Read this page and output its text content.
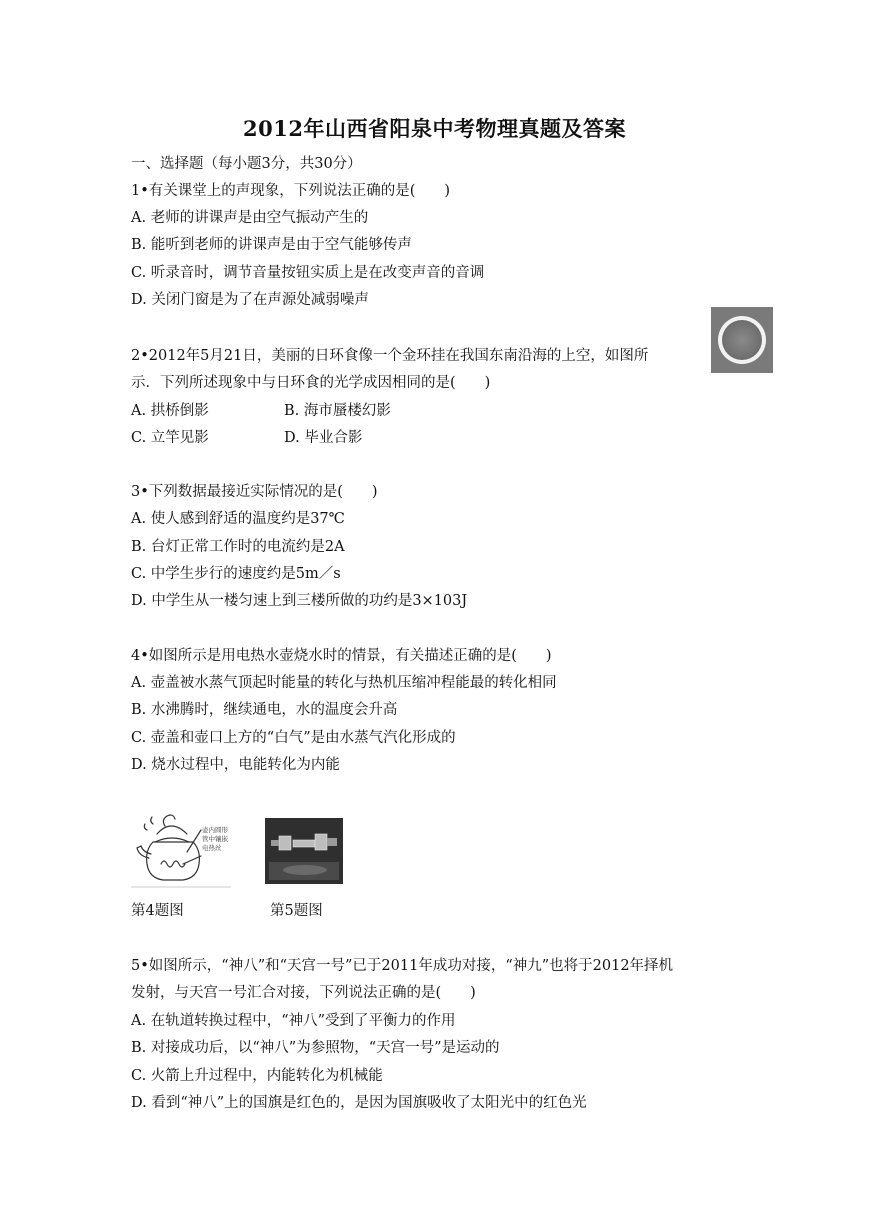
2012年山西省阳泉中考物理真题及答案
一、选择题（每小题3分，共30分）
1•有关课堂上的声现象，下列说法正确的是(　　)
A. 老师的讲课声是由空气振动产生的
B. 能听到老师的讲课声是由于空气能够传声
C. 听录音时，调节音量按钮实质上是在改变声音的音调
D. 关闭门窗是为了在声源处减弱噪声
2•2012年5月21日，美丽的日环食像一个金环挂在我国东南沿海的上空，如图所
示．下列所述现象中与日环食的光学成因相同的是(　　)
A. 拱桥倒影	B. 海市蜃楼幻影
C. 立竿见影	D. 毕业合影
3•下列数据最接近实际情况的是(　　)
A. 使人感到舒适的温度约是37℃
B. 台灯正常工作时的电流约是2A
C. 中学生步行的速度约是5m／s
D. 中学生从一楼匀速上到三楼所做的功约是3×103J
4•如图所示是用电热水壶烧水时的情景，有关描述正确的是(　　)
A. 壶盖被水蒸气顶起时能量的转化与热机压缩冲程能最的转化相同
B. 水沸腾时，继续通电，水的温度会升高
C. 壶盖和壶口上方的“白气”是由水蒸气汽化形成的
D. 烧水过程中，电能转化为内能
壶内圆形
管中镶嵌
电热丝
第4题图	第5题图
5•如图所示，“神八”和“天宫一号”已于2011年成功对接，“神九”也将于2012年择机
发射，与天宫一号汇合对接，下列说法正确的是(　　)
A. 在轨道转换过程中，“神八”受到了平衡力的作用
B. 对接成功后，以“神八”为参照物，“天宫一号”是运动的
C. 火箭上升过程中，内能转化为机械能
D. 看到“神八”上的国旗是红色的，是因为国旗吸收了太阳光中的红色光
